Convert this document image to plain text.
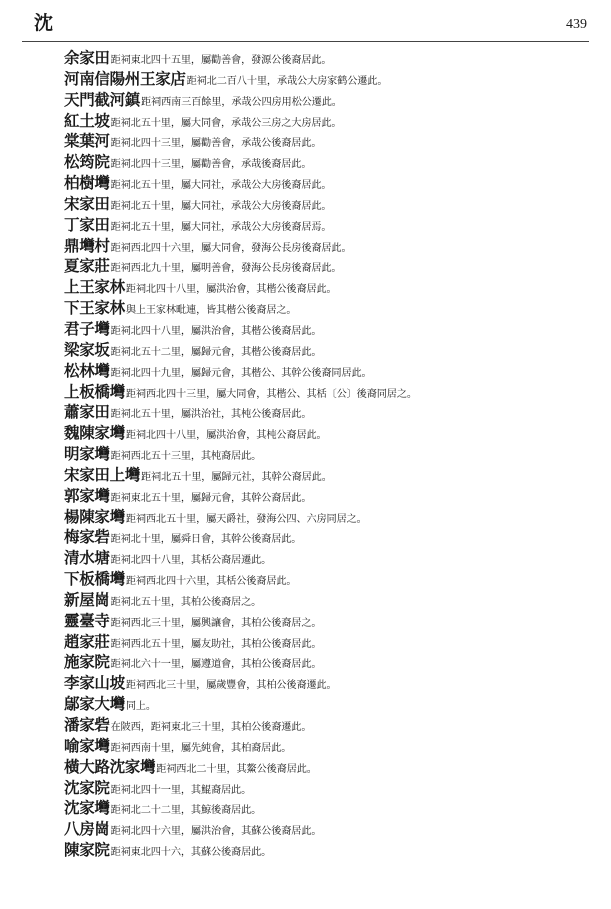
沈	439
余家田距祠東北四十五里，屬勸善會，發源公後裔居此。
河南信陽州王家店距祠北二百八十里，承哉公大房家鹤公遷此。
天門截河鎮距祠西南三百餘里，承哉公四房用松公遷此。
紅土坡距祠北五十里，屬大同會，承哉公三房之大房居此。
棠葉河距祠北四十三里，屬勸善會，承哉公後裔居此。
松筠院距祠北四十三里，屬勸善會，承哉後裔居此。
柏樹壪距祠北五十里，屬大同社，承哉公大房後裔居此。
宋家田距祠北五十里，屬大同社，承哉公大房後裔居此。
丁家田距祠北五十里，屬大同社，承哉公大房後裔居焉。
鼎壪村距祠西北四十六里，屬大同會，發海公長房後裔居此。
夏家莊距祠西北九十里，屬明善會，發海公長房後裔居此。
上王家林距祠北四十八里，屬洪治會，其楷公後裔居此。
下王家林與上王家林毗連，皆其楷公後裔居之。
君子壪距祠北四十八里，屬洪治會，其楷公後裔居此。
梁家坂距祠北五十二里，屬歸元會，其楷公後裔居此。
松林壪距祠北四十九里，屬歸元會，其楷公、其幹公後裔同居此。
上板橋壪距祠西北四十三里，屬大同會，其楷公、其栝〔公〕後裔同居之。
蕭家田距祠北五十里，屬洪治社，其杶公後裔居此。
魏陳家壪距祠北四十八里，屬洪治會，其杶公裔居此。
明家壪距祠西北五十三里，其杶裔居此。
宋家田上壪距祠北五十里，屬歸元社，其幹公裔居此。
郭家壪距祠東北五十里，屬歸元會，其幹公裔居此。
楊陳家壪距祠西北五十里，屬天爵社，發海公四、六房同居之。
梅家砦距祠北十里，屬舜日會，其幹公後裔居此。
清水塘距祠北四十八里，其栝公裔居遷此。
下板橋壪距祠西北四十六里，其栝公後裔居此。
新屋崗距祠北五十里，其柏公後裔居之。
靈臺寺距祠西北三十里，屬興讓會，其柏公後裔居之。
趙家莊距祠西北五十里，屬友助社，其柏公後裔居此。
施家院距祠北六十一里，屬遵道會，其柏公後裔居此。
李家山坡距祠西北三十里，屬歲豐會，其柏公後裔遷此。
鄔家大壪同上。
潘家砦在陂西，距祠東北三十里，其柏公後裔遷此。
喻家壪距祠西南十里，屬先純會，其柏裔居此。
橫大路沈家壪距祠西北二十里，其鰲公後裔居此。
沈家院距祠北四十一里，其鯤裔居此。
沈家壪距祠北二十二里，其鯨後裔居此。
八房崗距祠北四十六里，屬洪治會，其蘇公後裔居此。
陳家院距祠東北四十六，其蘇公後裔居此。
